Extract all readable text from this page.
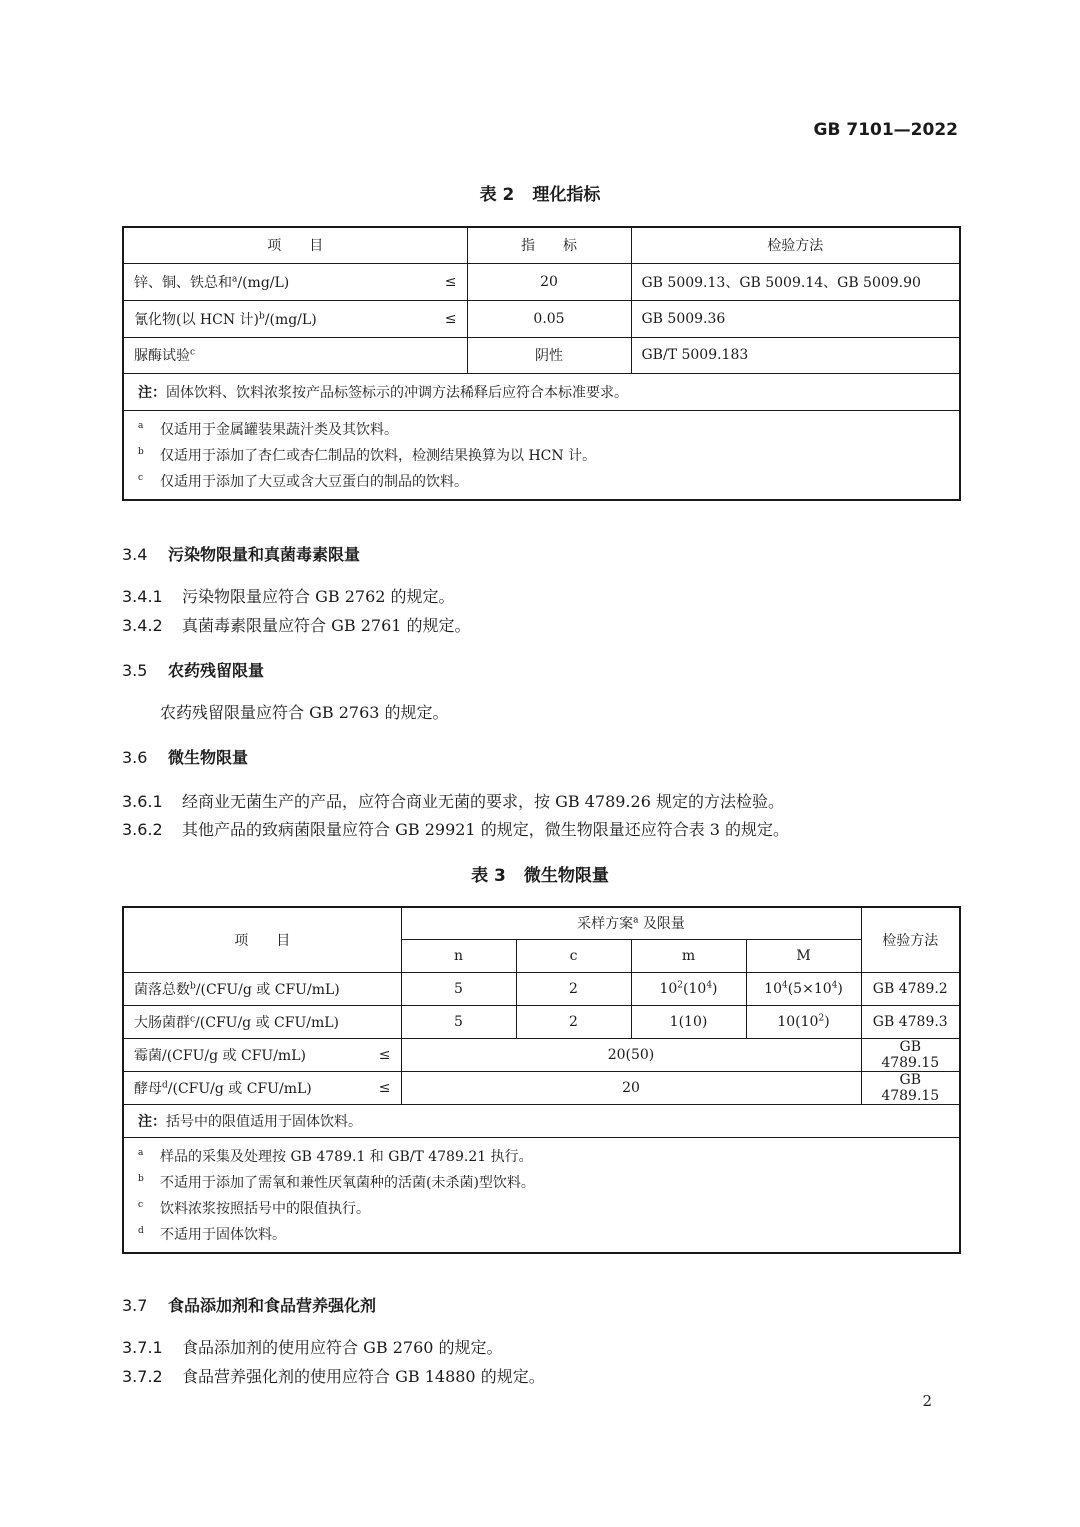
GB 7101—2022
表 2 理化指标
项　　目	指　　标	检验方法

锌、铜、铁总和$^a$/(mg/L) ≤	20	GB 5009.13、GB 5009.14、GB 5009.90

氰化物(以 HCN 计)$^b$/(mg/L) ≤	0.05	GB 5009.36
脲酶试验$^c$	阴性	GB/T 5009.183
注：固体饮料、饮料浓浆按产品标签标示的冲调方法稀释后应符合本标准要求。		

a 仅适用于金属罐装果蔬汁类及其饮料。
b 仅适用于添加了杏仁或杏仁制品的饮料，检测结果换算为以 HCN 计。
c 仅适用于添加了大豆或含大豆蛋白的制品的饮料。		
3.4 污染物限量和真菌毒素限量
3.4.1 污染物限量应符合 GB 2762 的规定。
3.4.2 真菌毒素限量应符合 GB 2761 的规定。
3.5 农药残留限量
农药残留限量应符合 GB 2763 的规定。
3.6 微生物限量
3.6.1 经商业无菌生产的产品，应符合商业无菌的要求，按 GB 4789.26 规定的方法检验。
3.6.2 其他产品的致病菌限量应符合 GB 29921 的规定，微生物限量还应符合表 3 的规定。
表 3 微生物限量
项　　目	采样方案$^a$ 及限量				检验方法
	n	c	m	M	
菌落总数$^b$/(CFU/g 或 CFU/mL)	5	2	$10^2(10^4)$	$10^4(5\times 10^4)$	GB 4789.2
大肠菌群$^c$/(CFU/g 或 CFU/mL)	5	2	1(10)	$10(10^2)$	GB 4789.3

霉菌/(CFU/g 或 CFU/mL) ≤	20(50)				GB 4789.15

酵母$^d$/(CFU/g 或 CFU/mL) ≤	20				GB 4789.15
注：括号中的限值适用于固体饮料。					

a 样品的采集及处理按 GB 4789.1 和 GB/T 4789.21 执行。
b 不适用于添加了需氧和兼性厌氧菌种的活菌(未杀菌)型饮料。
c 饮料浓浆按照括号中的限值执行。
d 不适用于固体饮料。					
3.7 食品添加剂和食品营养强化剂
3.7.1 食品添加剂的使用应符合 GB 2760 的规定。
3.7.2 食品营养强化剂的使用应符合 GB 14880 的规定。
2
